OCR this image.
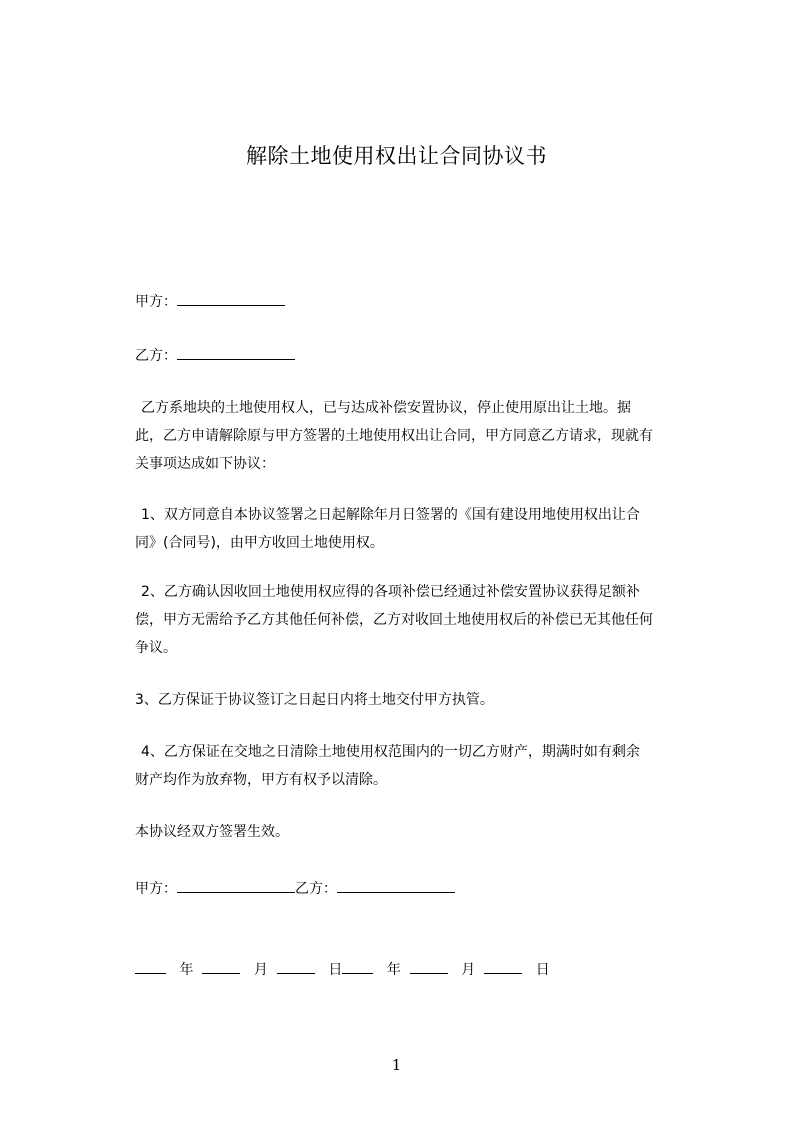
解除土地使用权出让合同协议书
甲方：
乙方：
乙方系地块的土地使用权人，已与达成补偿安置协议，停止使用原出让土地。据
此，乙方申请解除原与甲方签署的土地使用权出让合同，甲方同意乙方请求，现就有
关事项达成如下协议：
1、双方同意自本协议签署之日起解除年月日签署的《国有建设用地使用权出让合
同》(合同号)，由甲方收回土地使用权。
2、乙方确认因收回土地使用权应得的各项补偿已经通过补偿安置协议获得足额补
偿，甲方无需给予乙方其他任何补偿，乙方对收回土地使用权后的补偿已无其他任何
争议。
3、乙方保证于协议签订之日起日内将土地交付甲方执管。
4、乙方保证在交地之日清除土地使用权范围内的一切乙方财产，期满时如有剩余
财产均作为放弃物，甲方有权予以清除。
本协议经双方签署生效。
甲方：	乙方：
年	月	日	年	月	日
1
